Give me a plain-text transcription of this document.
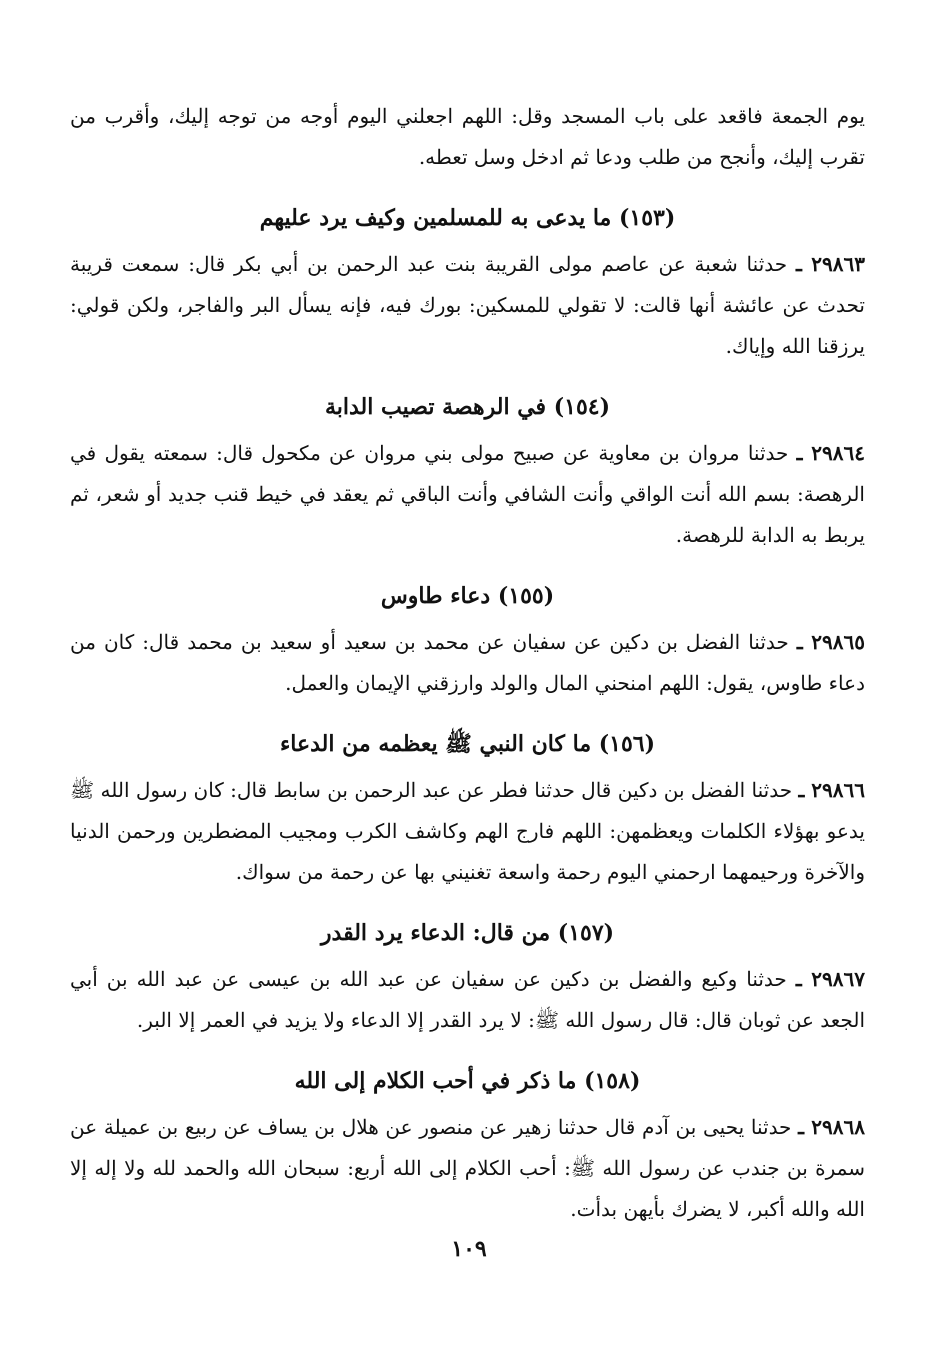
يوم الجمعة فاقعد على باب المسجد وقل: اللهم اجعلني اليوم أوجه من توجه إليك، وأقرب من تقرب إليك، وأنجح من طلب ودعا ثم ادخل وسل تعطه.

(١٥٣) ما يدعى به للمسلمين وكيف يرد عليهم

٢٩٨٦٣ ـ حدثنا شعبة عن عاصم مولى القريبة بنت عبد الرحمن بن أبي بكر قال: سمعت قريبة تحدث عن عائشة أنها قالت: لا تقولي للمسكين: بورك فيه، فإنه يسأل البر والفاجر، ولكن قولي: يرزقنا الله وإياك.

(١٥٤) في الرهصة تصيب الدابة

٢٩٨٦٤ ـ حدثنا مروان بن معاوية عن صبيح مولى بني مروان عن مكحول قال: سمعته يقول في الرهصة: بسم الله أنت الواقي وأنت الشافي وأنت الباقي ثم يعقد في خيط قنب جديد أو شعر، ثم يربط به الدابة للرهصة.

(١٥٥) دعاء طاوس

٢٩٨٦٥ ـ حدثنا الفضل بن دكين عن سفيان عن محمد بن سعيد أو سعيد بن محمد قال: كان من دعاء طاوس، يقول: اللهم امنحني المال والولد وارزقني الإيمان والعمل.

(١٥٦) ما كان النبي ﷺ يعظمه من الدعاء

٢٩٨٦٦ ـ حدثنا الفضل بن دكين قال حدثنا فطر عن عبد الرحمن بن سابط قال: كان رسول الله ﷺ يدعو بهؤلاء الكلمات ويعظمهن: اللهم فارج الهم وكاشف الكرب ومجيب المضطرين ورحمن الدنيا والآخرة ورحيمهما ارحمني اليوم رحمة واسعة تغنيني بها عن رحمة من سواك.

(١٥٧) من قال: الدعاء يرد القدر

٢٩٨٦٧ ـ حدثنا وكيع والفضل بن دكين عن سفيان عن عبد الله بن عيسى عن عبد الله بن أبي الجعد عن ثوبان قال: قال رسول الله ﷺ: لا يرد القدر إلا الدعاء ولا يزيد في العمر إلا البر.

(١٥٨) ما ذكر في أحب الكلام إلى الله

٢٩٨٦٨ ـ حدثنا يحيى بن آدم قال حدثنا زهير عن منصور عن هلال بن يساف عن ربيع بن عميلة عن سمرة بن جندب عن رسول الله ﷺ: أحب الكلام إلى الله أربع: سبحان الله والحمد لله ولا إله إلا الله والله أكبر، لا يضرك بأيهن بدأت.

١٠٩
